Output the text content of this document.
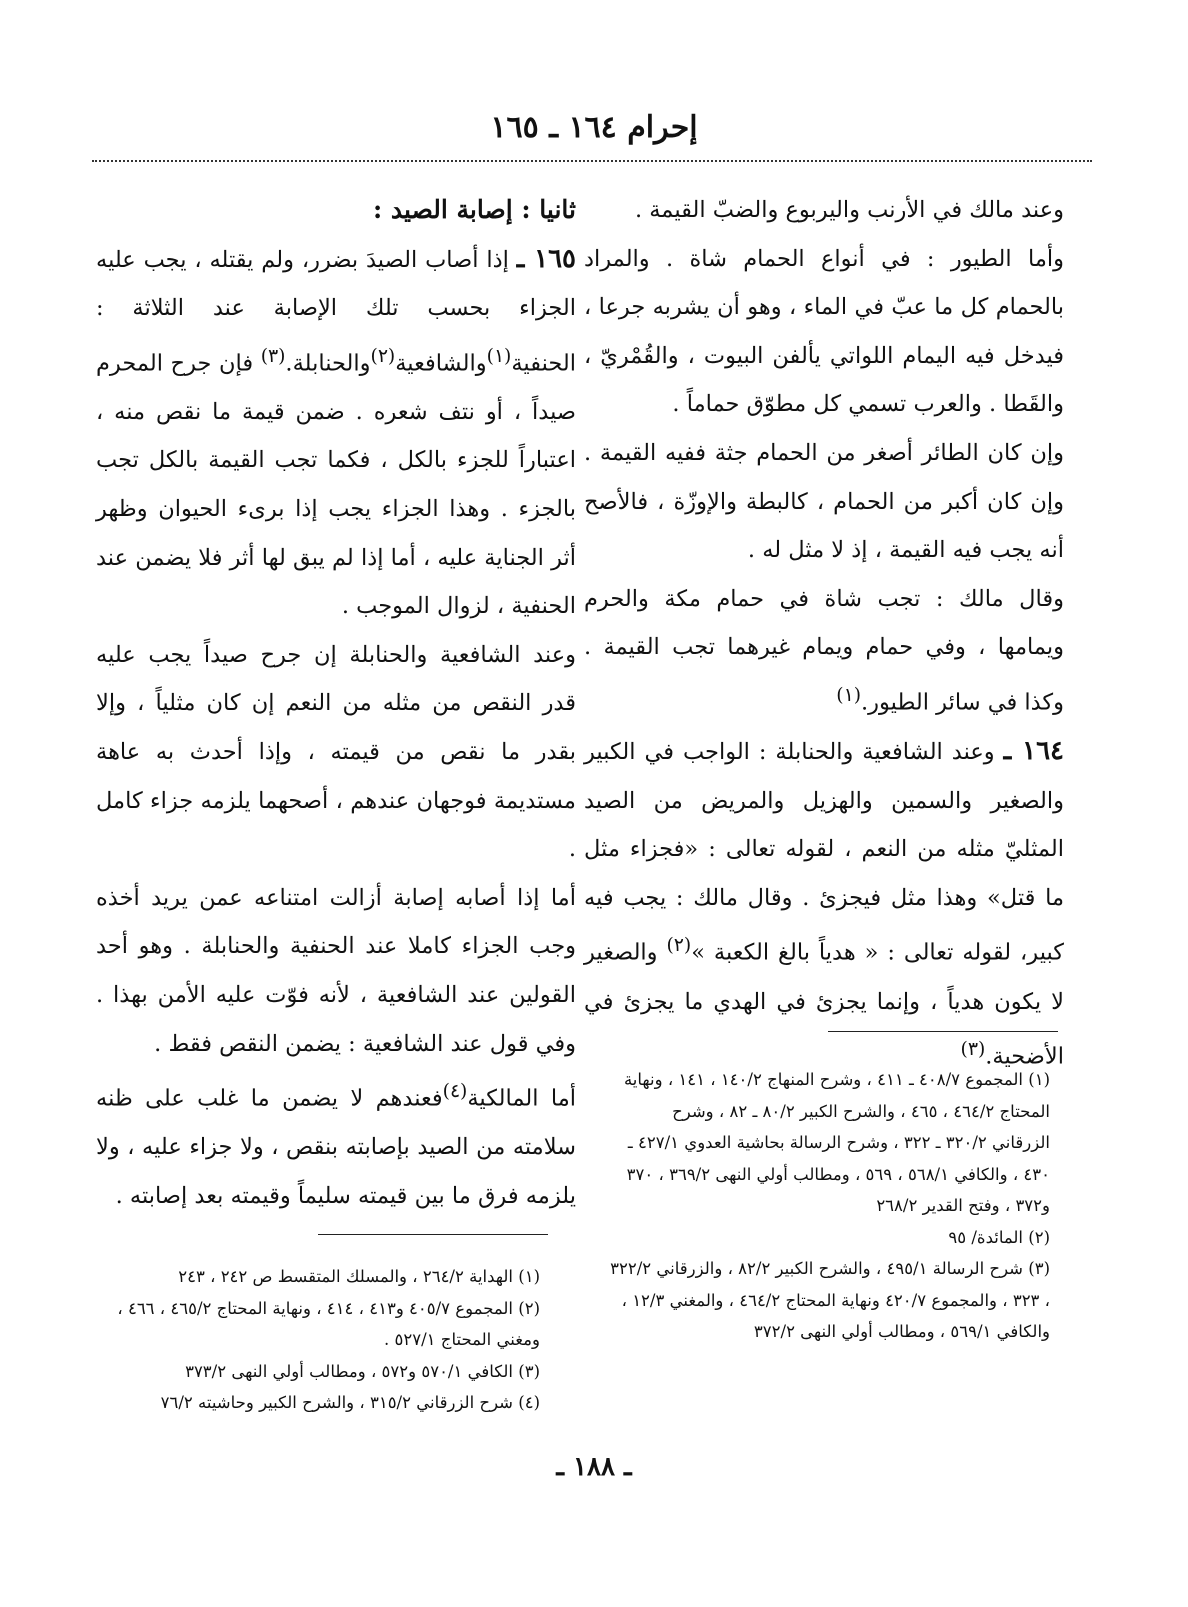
إحرام ١٦٤ ـ ١٦٥

وعند مالك في الأرنب واليربوع والضبّ القيمة .

وأما الطيور : في أنواع الحمام شاة . والمراد بالحمام كل ما عبّ في الماء ، وهو أن يشربه جرعا ، فيدخل فيه اليمام اللواتي يألفن البيوت ، والقُمْريّ ، والقَطا . والعرب تسمي كل مطوّق حماماً .

وإن كان الطائر أصغر من الحمام جثة ففيه القيمة . وإن كان أكبر من الحمام ، كالبطة والإوزّة ، فالأصح أنه يجب فيه القيمة ، إذ لا مثل له .

وقال مالك : تجب شاة في حمام مكة والحرم ويمامها ، وفي حمام ويمام غيرهما تجب القيمة . وكذا في سائر الطيور.$^{(١)}$

١٦٤ ـ وعند الشافعية والحنابلة : الواجب في الكبير والصغير والسمين والهزيل والمريض من الصيد المثليّ مثله من النعم ، لقوله تعالى : «فجزاء مثل ما قتل» وهذا مثل فيجزئ . وقال مالك : يجب فيه كبير، لقوله تعالى : « هدياً بالغ الكعبة »$^{(٢)}$ والصغير لا يكون هدياً ، وإنما يجزئ في الهدي ما يجزئ في الأضحية.$^{(٣)}$

ثانيا : إصابة الصيد :

١٦٥ ـ إذا أصاب الصيدَ بضرر، ولم يقتله ، يجب عليه الجزاء بحسب تلك الإصابة عند الثلاثة : الحنفية$^{(١)}$والشافعية$^{(٢)}$والحنابلة.$^{(٣)}$ فإن جرح المحرم صيداً ، أو نتف شعره . ضمن قيمة ما نقص منه ، اعتباراً للجزء بالكل ، فكما تجب القيمة بالكل تجب بالجزء . وهذا الجزاء يجب إذا برىء الحيوان وظهر أثر الجناية عليه ، أما إذا لم يبق لها أثر فلا يضمن عند الحنفية ، لزوال الموجب .

وعند الشافعية والحنابلة إن جرح صيداً يجب عليه قدر النقص من مثله من النعم إن كان مثلياً ، وإلا بقدر ما نقص من قيمته ، وإذا أحدث به عاهة مستديمة فوجهان عندهم ، أصحهما يلزمه جزاء كامل .

أما إذا أصابه إصابة أزالت امتناعه عمن يريد أخذه وجب الجزاء كاملا عند الحنفية والحنابلة . وهو أحد القولين عند الشافعية ، لأنه فوّت عليه الأمن بهذا . وفي قول عند الشافعية : يضمن النقص فقط .

أما المالكية$^{(٤)}$فعندهم لا يضمن ما غلب على ظنه سلامته من الصيد بإصابته بنقص ، ولا جزاء عليه ، ولا يلزمه فرق ما بين قيمته سليماً وقيمته بعد إصابته .

(١) المجموع ٤٠٨/٧ ـ ٤١١ ، وشرح المنهاج ١٤٠/٢ ، ١٤١ ، ونهاية المحتاج ٤٦٤/٢ ، ٤٦٥ ، والشرح الكبير ٨٠/٢ ـ ٨٢ ، وشرح الزرقاني ٣٢٠/٢ ـ ٣٢٢ ، وشرح الرسالة بحاشية العدوي ٤٢٧/١ ـ ٤٣٠ ، والكافي ٥٦٨/١ ، ٥٦٩ ، ومطالب أولي النهى ٣٦٩/٢ ، ٣٧٠ و٣٧٢ ، وفتح القدير ٢٦٨/٢
(٢) المائدة/ ٩٥
(٣) شرح الرسالة ٤٩٥/١ ، والشرح الكبير ٨٢/٢ ، والزرقاني ٣٢٢/٢ ، ٣٢٣ ، والمجموع ٤٢٠/٧ ونهاية المحتاج ٤٦٤/٢ ، والمغني ١٢/٣ ، والكافي ٥٦٩/١ ، ومطالب أولي النهى ٣٧٢/٢
(١) الهداية ٢٦٤/٢ ، والمسلك المتقسط ص ٢٤٢ ، ٢٤٣
(٢) المجموع ٤٠٥/٧ و٤١٣ ، ٤١٤ ، ونهاية المحتاج ٤٦٥/٢ ، ٤٦٦ ، ومغني المحتاج ٥٢٧/١ .
(٣) الكافي ٥٧٠/١ و٥٧٢ ، ومطالب أولي النهى ٣٧٣/٢
(٤) شرح الزرقاني ٣١٥/٢ ، والشرح الكبير وحاشيته ٧٦/٢
ـ ١٨٨ ـ
